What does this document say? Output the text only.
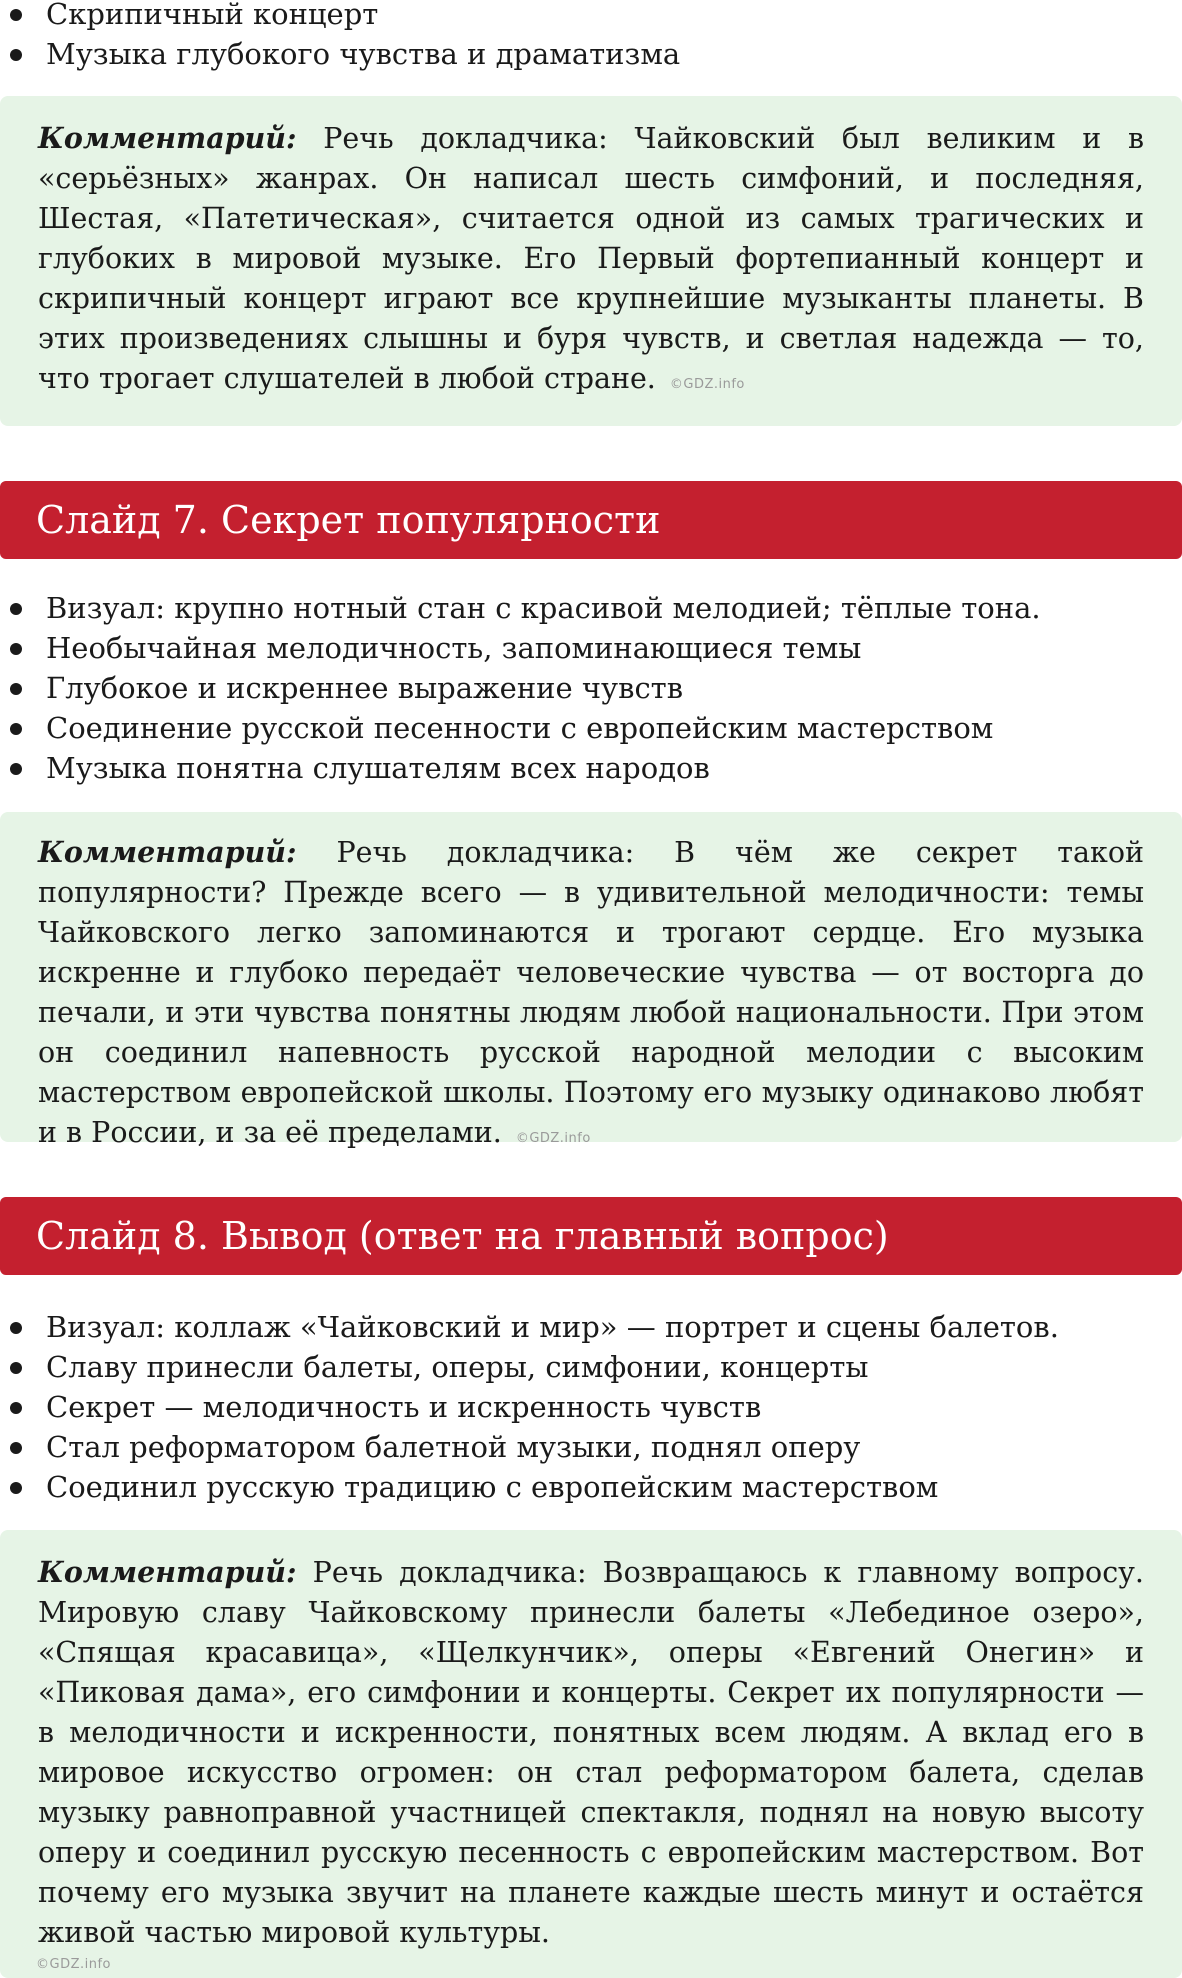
Скрипичный концерт
Музыка глубокого чувства и драматизма

Комментарий: Речь докладчика: Чайковский был великим и в «серьёзных» жанрах. Он написал шесть симфоний, и последняя, Шестая, «Патетическая», считается одной из самых трагических и глубоких в мировой музыке. Его Первый фортепианный концерт и скрипичный концерт играют все крупнейшие музыканты планеты. В этих произведениях слышны и буря чувств, и светлая надежда — то, что трогает слушателей в любой стране. ©GDZ.info

Слайд 7. Секрет популярности
Визуал: крупно нотный стан с красивой мелодией; тёплые тона.
Необычайная мелодичность, запоминающиеся темы
Глубокое и искреннее выражение чувств
Соединение русской песенности с европейским мастерством
Музыка понятна слушателям всех народов

Комментарий: Речь докладчика: В чём же секрет такой популярности? Прежде всего — в удивительной мелодичности: темы Чайковского легко запоминаются и трогают сердце. Его музыка искренне и глубоко передаёт человеческие чувства — от восторга до печали, и эти чувства понятны людям любой национальности. При этом он соединил напевность русской народной мелодии с высоким мастерством европейской школы. Поэтому его музыку одинаково любят и в России, и за её пределами. ©GDZ.info

Слайд 8. Вывод (ответ на главный вопрос)
Визуал: коллаж «Чайковский и мир» — портрет и сцены балетов.
Славу принесли балеты, оперы, симфонии, концерты
Секрет — мелодичность и искренность чувств
Стал реформатором балетной музыки, поднял оперу
Соединил русскую традицию с европейским мастерством

Комментарий: Речь докладчика: Возвращаюсь к главному вопросу. Мировую славу Чайковскому принесли балеты «Лебединое озеро», «Спящая красавица», «Щелкунчик», оперы «Евгений Онегин» и «Пиковая дама», его симфонии и концерты. Секрет их популярности — в мелодичности и искренности, понятных всем людям. А вклад его в мировое искусство огромен: он стал реформатором балета, сделав музыку равноправной участницей спектакля, поднял на новую высоту оперу и соединил русскую песенность с европейским мастерством. Вот почему его музыка звучит на планете каждые шесть минут и остаётся живой частью мировой культуры.

©GDZ.info
